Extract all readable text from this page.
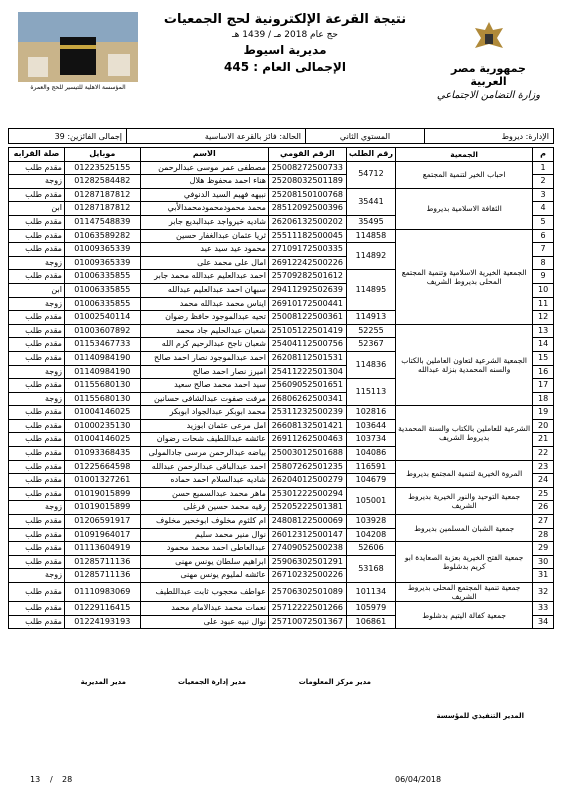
المؤسسة الاهلية للتيسير للحج والعمرة
نتيجة القرعة الإلكترونية لحج الجمعيات
حج عام 2018 مـ / 1439 هـ
مديرية اسيوط
الإجمالى العام : 445	جمهورية مصر العربية
وزارة التضامن الاجتماعي
الإدارة: ديروط	المستوي الثاني	الحالة: فائز بالقرعة الاساسية	إجمالى الفائزين: 39
م	الجمعية	رقم الطلب	الرقم القومي	الاسم	موبايل	صلة القرابه
1	احباب الخير لتنمية المجتمع	54712	25008272500733	مصطفى عمر موسى عبدالرحمن	01223525155	مقدم طلب
2			25208032501189	هناء احمد محفوظ هلال	01282584482	زوجة
3	الثقافة الاسلامية بديروط	35441	25208150100768	نبيهه فهيم السيد الدنوفي	01287187812	مقدم طلب
4			28512092500396	محمد محمودمحمودمحمدالأبي	01287187812	ابن
5		35495	26206132500202	شاديه خيرواجد عبدالبديع جابر	01147548839	مقدم طلب
6	الجمعية الخيرية الاسلامية وتنمية المجتمع المحلى بديروط الشريف	114858	25511182500045	ثريا عثمان عبدالغفار حسين	01063589282	مقدم طلب
7		114892	27109172500335	محمود عيد سيد عيد	01009365339	مقدم طلب
8			26912242500226	امال على محمد على	01009365339	زوجة
9		114895	25709282501612	احمد عبدالعليم عبدالله محمد جابر	01006335855	مقدم طلب
10			29411292502639	سبهان احمد عبدالعليم عبدالله	01006335855	ابن
11			26910172500441	ايناس محمد عبدالله محمد	01006335855	زوجة
12		114913	25008122500361	تحيه عبدالموجود حافظ رضوان	01002540114	مقدم طلب
13	الجمعية الشرعية لتعاون العاملين بالكتاب والسنه المحمدية بنزلة عبدالله	52255	25105122501419	شعبان عبدالحليم جاد محمد	01003607892	مقدم طلب
14		52367	25404112500756	شعبان ناجح عبدالرحيم كرم الله	01153467733	مقدم طلب
15		114836	26208112501531	احمد عبدالموجود نصار احمد صالح	01140984190	مقدم طلب
16			25411222501304	اميرز نصار احمد صالح	01140984190	زوجة
17		115113	25609052501651	سيد احمد محمد صالح سعيد	01155680130	مقدم طلب
18			26806262500341	مرفت صفوت عبدالشافى حسانين	01155680130	زوجة
19	الشرعية للعاملين بالكتاب والسنة المحمدية بديروط الشريف	102816	25311232500239	محمد ابوبكر عبدالجواد ابوبكر	01004146025	مقدم طلب
20		103644	26608132501421	امل مرعى عثمان ابوزيد	01000235130	مقدم طلب
21		103734	26911262500463	عائشه عبداللطيف شحات رضوان	01004146025	مقدم طلب
22		104086	25003012501688	بياضه عبدالرحمن مرسى جادالمولى	01093368435	مقدم طلب
23	المروة الخيرية لتنمية المجتمع بديروط	116591	25807262501235	احمد عبدالباقى عبدالرحمن عبدالله	01225664598	مقدم طلب
24		104679	26204012500279	شاديه عبدالسلام احمد حماده	01001327261	مقدم طلب
25	جمعية التوحيد والنور الخيرية بديروط الشريف	105001	25301222500294	ماهر محمد عبدالسميع حسن	01019015899	مقدم طلب
26			25205222501381	رقيه محمد حسين فرغلى	01019015899	زوجة
27	جمعية الشبان المسلمين بديروط	103928	24808122500069	ام كلثوم مخلوف ابوخحير مخلوف	01206591917	مقدم طلب
28		104208	26012312500147	نوال منير محمد سليم	01091964017	مقدم طلب
29	جمعية الفتح الخيرية بعزبة الصعايدة ابو كريم بدشلوط	52606	27409052500238	عبدالعاطى احمد محمد محمود	01113604919	مقدم طلب
30		53168	25906302501291	ابراهيم سلطان يونس مهنى	01285711136	مقدم طلب
31			26710232500226	عائشه لمليوم يونس مهنى	01285711136	زوجة
32	جمعية تنمية المجتمع المحلى بديروط الشريف	101134	25706302501089	عواطف محجوب ثابت عبداللطيف	01110983069	مقدم طلب
33	جمعية كفالة اليتيم بدشلوط	105979	25712222501266	نعمات محمد عبدالامام محمد	01229116415	مقدم طلب
34		106861	25710072501367	نوال نبيه عبود على	01224193193	مقدم طلب
المدير التنفيذي للمؤسسة
مدير مركز المعلومات
مدير إدارة الجمعيات
مدير المديرية
06/04/2018
13 / 28
